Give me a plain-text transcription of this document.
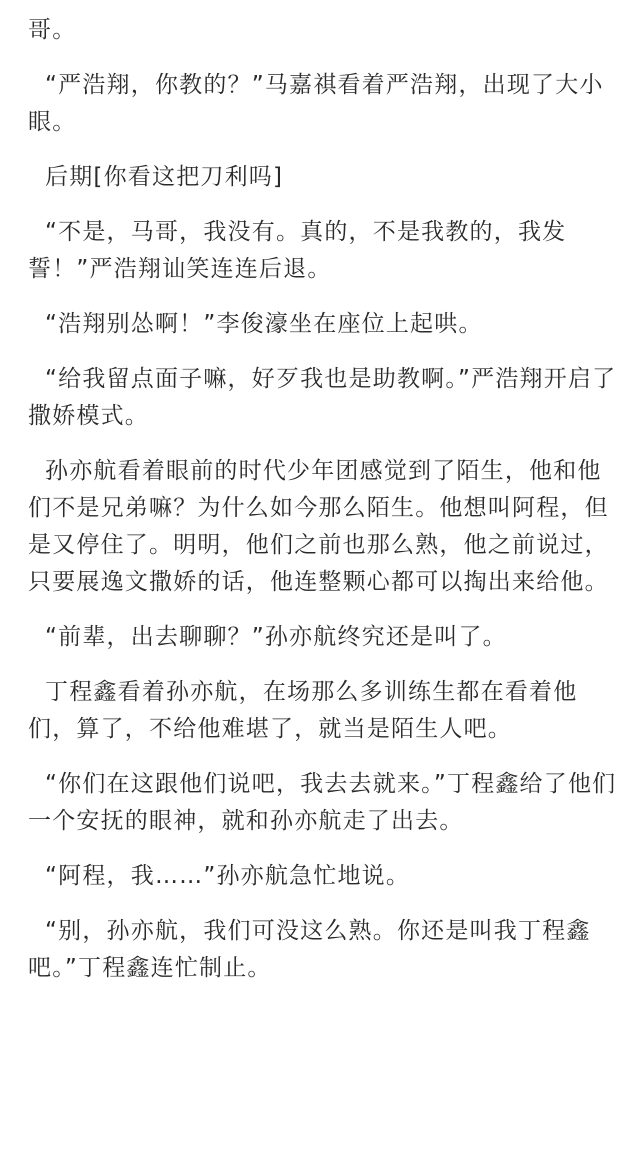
哥。

“严浩翔，你教的？”马嘉祺看着严浩翔，出现了大小眼。

后期[你看这把刀利吗]

“不是，马哥，我没有。真的，不是我教的，我发誓！”严浩翔讪笑连连后退。

“浩翔别怂啊！”李俊濠坐在座位上起哄。

“给我留点面子嘛，好歹我也是助教啊。”严浩翔开启了撒娇模式。

孙亦航看着眼前的时代少年团感觉到了陌生，他和他们不是兄弟嘛？为什么如今那么陌生。他想叫阿程，但是又停住了。明明，他们之前也那么熟，他之前说过，只要展逸文撒娇的话，他连整颗心都可以掏出来给他。

“前辈，出去聊聊？”孙亦航终究还是叫了。

丁程鑫看着孙亦航，在场那么多训练生都在看着他们，算了，不给他难堪了，就当是陌生人吧。

“你们在这跟他们说吧，我去去就来。”丁程鑫给了他们一个安抚的眼神，就和孙亦航走了出去。

“阿程，我……”孙亦航急忙地说。

“别，孙亦航，我们可没这么熟。你还是叫我丁程鑫吧。”丁程鑫连忙制止。
